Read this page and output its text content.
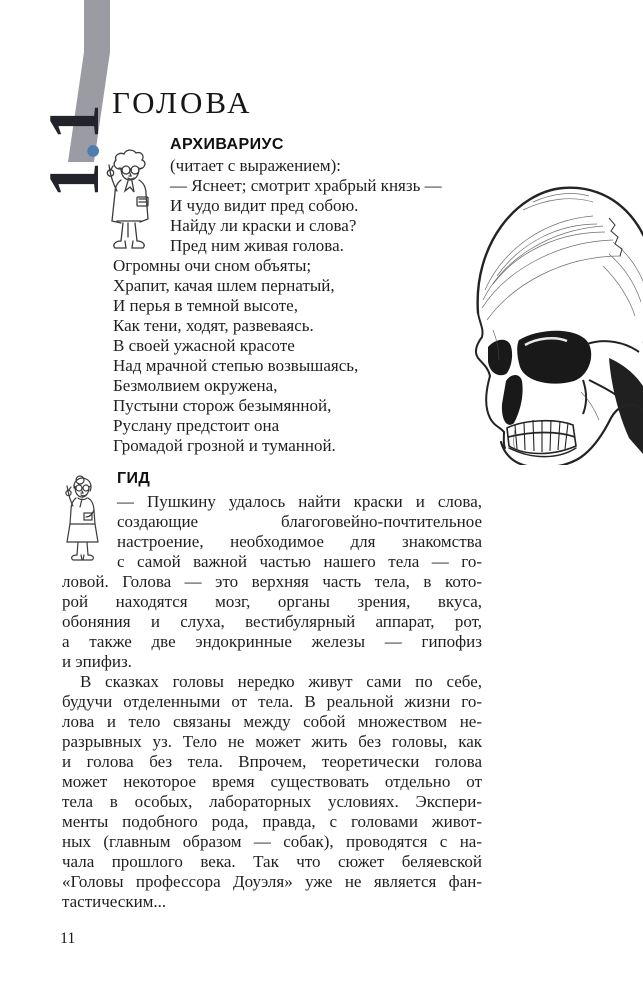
1.1
ГОЛОВА
АРХИВАРИУС
(читает с выражением):
— Яснеет; смотрит храбрый князь —
И чудо видит пред собою.
Найду ли краски и слова?
Пред ним живая голова.
Огромны очи сном объяты;
Храпит, качая шлем пернатый,
И перья в темной высоте,
Как тени, ходят, развеваясь.
В своей ужасной красоте
Над мрачной степью возвышаясь,
Безмолвием окружена,
Пустыни сторож безымянной,
Руслану предстоит она
Громадой грозной и туманной.
ГИД
— Пушкину удалось найти краски и слова,
создающие благоговейно-почтительное
настроение, необходимое для знакомства
с самой важной частью нашего тела — го-
ловой. Голова — это верхняя часть тела, в кото-
рой находятся мозг, органы зрения, вкуса,
обоняния и слуха, вестибулярный аппарат, рот,
а также две эндокринные железы — гипофиз
и эпифиз.
В сказках головы нередко живут сами по себе,
будучи отделенными от тела. В реальной жизни го-
лова и тело связаны между собой множеством не-
разрывных уз. Тело не может жить без головы, как
и голова без тела. Впрочем, теоретически голова
может некоторое время существовать отдельно от
тела в особых, лабораторных условиях. Экспери-
менты подобного рода, правда, с головами живот-
ных (главным образом — собак), проводятся с на-
чала прошлого века. Так что сюжет беляевской
«Головы профессора Доуэля» уже не является фан-
тастическим...
11
